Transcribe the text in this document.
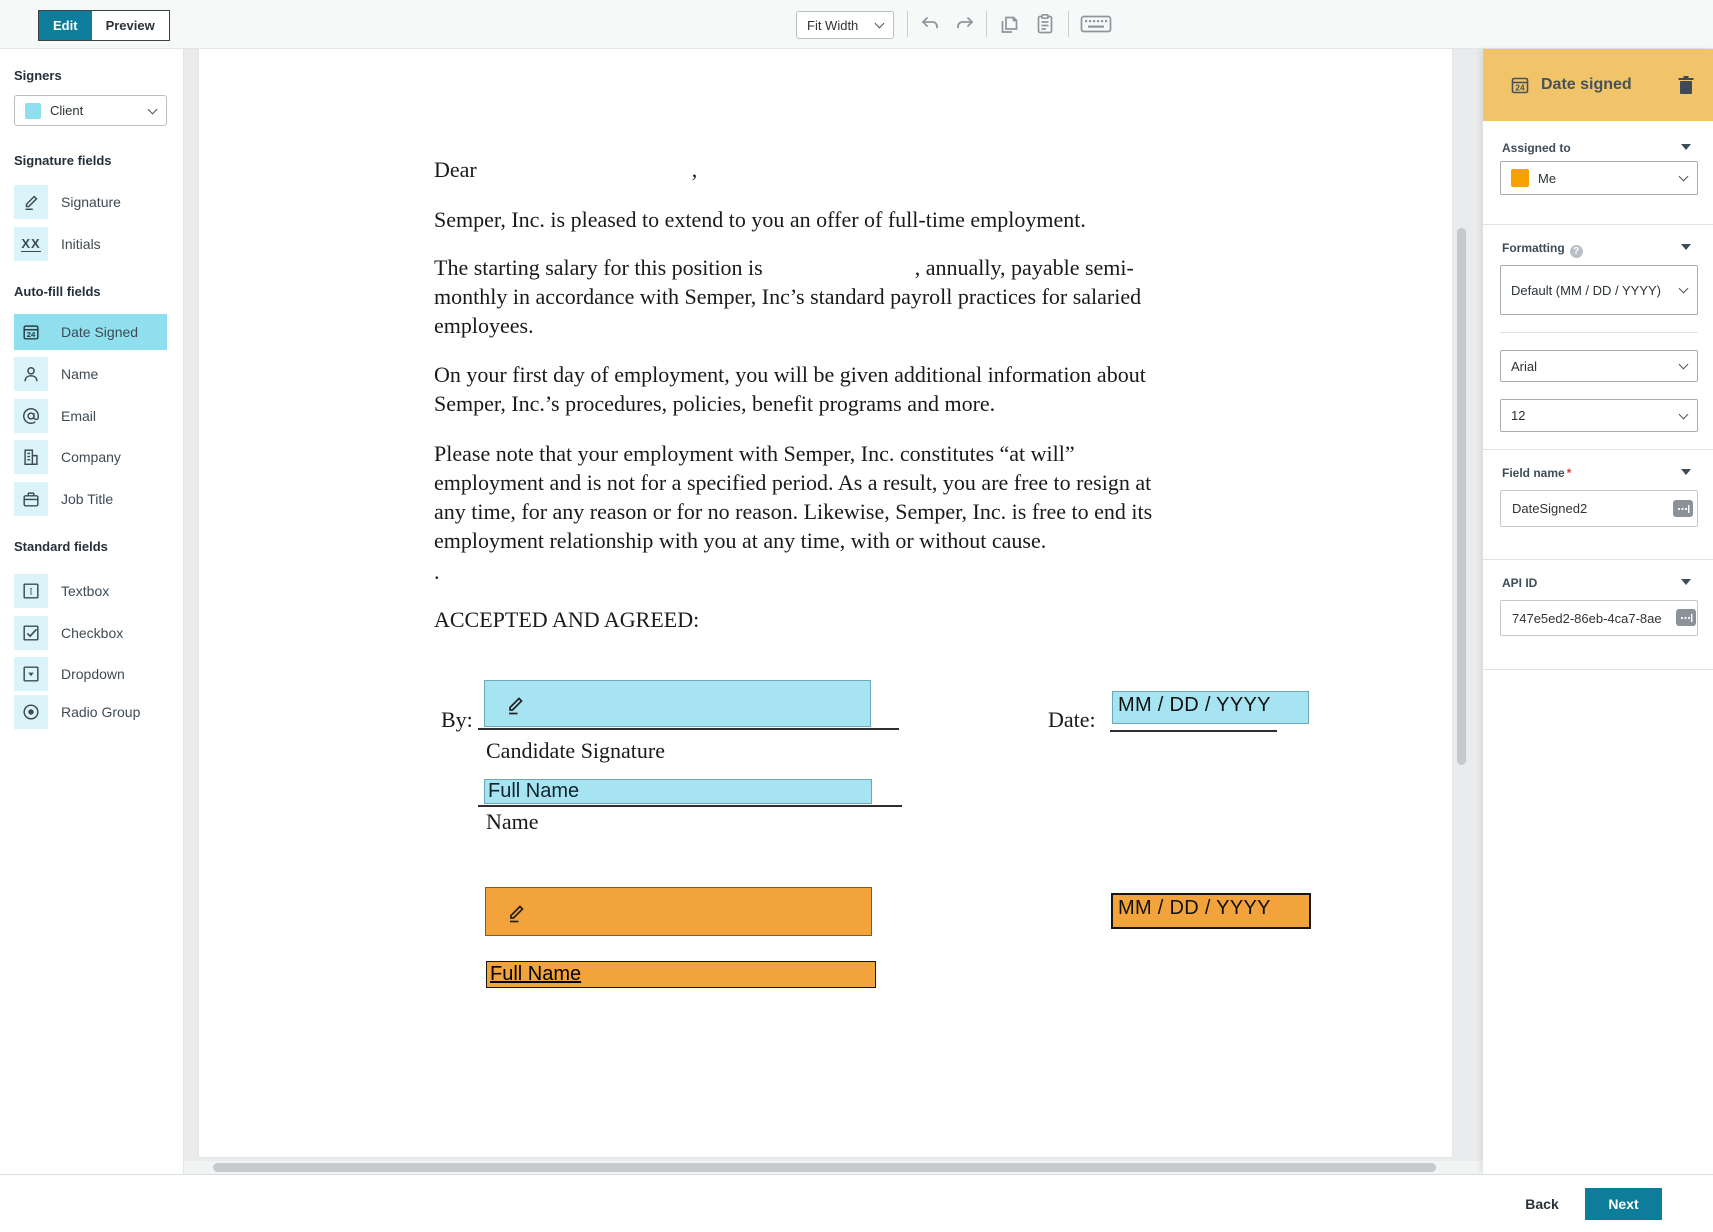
Edit	Preview	Fit Width
Signers
Client
Signature fields
Signature
XX Initials
Auto-fill fields
24 Date Signed
Name
Email
Company
Job Title
Standard fields
I Textbox
Checkbox
Dropdown
Radio Group
Dear	,
Semper, Inc. is pleased to extend to you an offer of full-time employment.
The starting salary for this position is	, annually, payable semi-
monthly in accordance with Semper, Inc’s standard payroll practices for salaried
employees.
On your first day of employment, you will be given additional information about
Semper, Inc.’s procedures, policies, benefit programs and more.
Please note that your employment with Semper, Inc. constitutes “at will”
employment and is not for a specified period. As a result, you are free to resign at
any time, for any reason or for no reason. Likewise, Semper, Inc. is free to end its
employment relationship with you at any time, with or without cause.
.
ACCEPTED AND AGREED:
By:	Date:
MM / DD / YYYY
Candidate Signature
Full Name
Name
MM / DD / YYYY
Full Name
24 Date signed
Assigned to
Me
Formatting ?
Default (MM / DD / YYYY)
Arial
12
Field name *
DateSigned2
API ID
747e5ed2-86eb-4ca7-8ae
Back	Next
